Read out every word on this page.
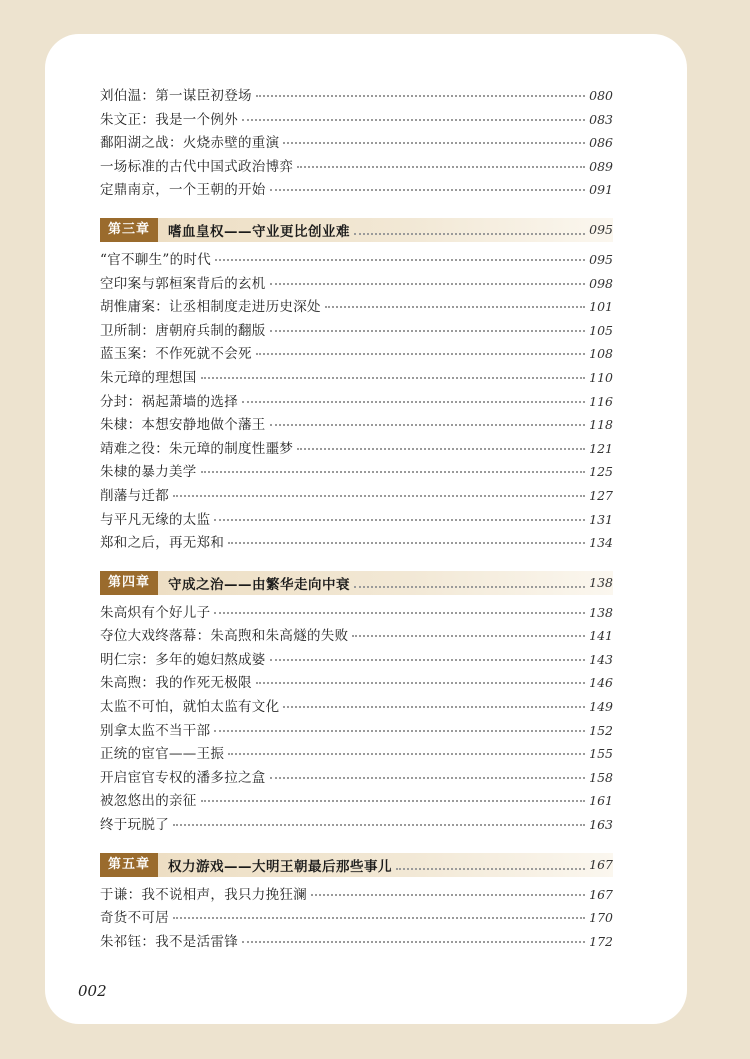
刘伯温：第一谋臣初登场	080
朱文正：我是一个例外	083
鄱阳湖之战：火烧赤壁的重演	086
一场标准的古代中国式政治博弈	089
定鼎南京，一个王朝的开始	091
第三章	嗜血皇权——守业更比创业难	095
“官不聊生”的时代	095
空印案与郭桓案背后的玄机	098
胡惟庸案：让丞相制度走进历史深处	101
卫所制：唐朝府兵制的翻版	105
蓝玉案：不作死就不会死	108
朱元璋的理想国	110
分封：祸起萧墙的选择	116
朱棣：本想安静地做个藩王	118
靖难之役：朱元璋的制度性噩梦	121
朱棣的暴力美学	125
削藩与迁都	127
与平凡无缘的太监	131
郑和之后，再无郑和	134
第四章	守成之治——由繁华走向中衰	138
朱高炽有个好儿子	138
夺位大戏终落幕：朱高煦和朱高燧的失败	141
明仁宗：多年的媳妇熬成婆	143
朱高煦：我的作死无极限	146
太监不可怕，就怕太监有文化	149
别拿太监不当干部	152
正统的宦官——王振	155
开启宦官专权的潘多拉之盒	158
被忽悠出的亲征	161
终于玩脱了	163
第五章	权力游戏——大明王朝最后那些事儿	167
于谦：我不说相声，我只力挽狂澜	167
奇货不可居	170
朱祁钰：我不是活雷锋	172
002
